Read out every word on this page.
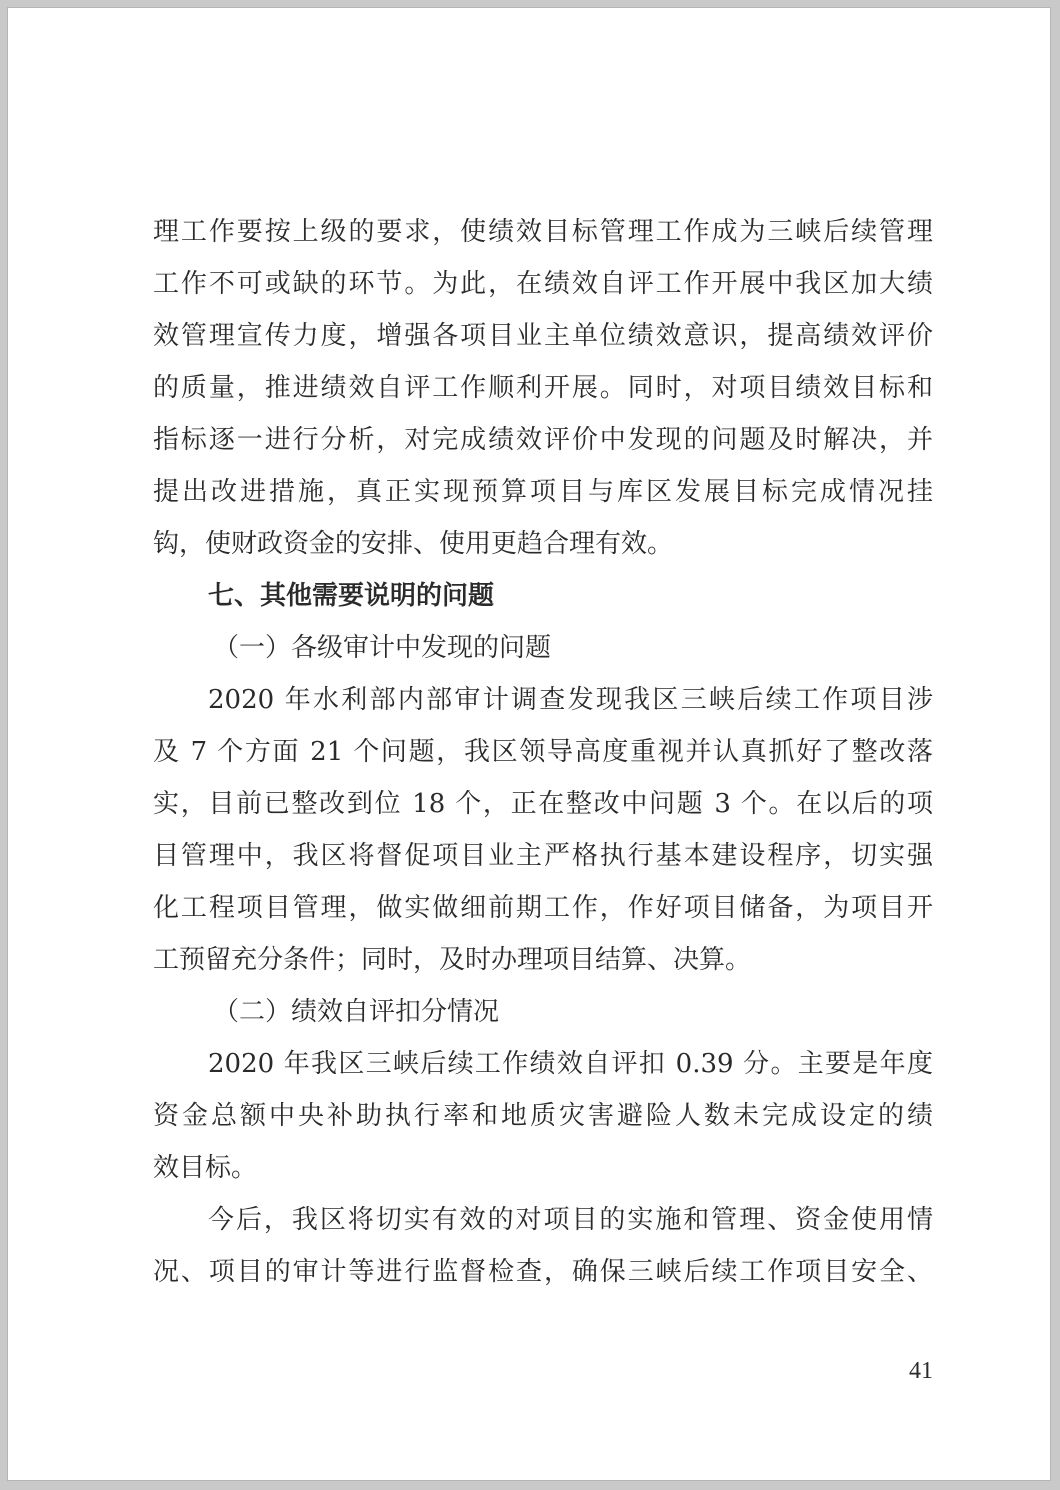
理工作要按上级的要求，使绩效目标管理工作成为三峡后续管理
工作不可或缺的环节。为此，在绩效自评工作开展中我区加大绩
效管理宣传力度，增强各项目业主单位绩效意识，提高绩效评价
的质量，推进绩效自评工作顺利开展。同时，对项目绩效目标和
指标逐一进行分析，对完成绩效评价中发现的问题及时解决，并
提出改进措施，真正实现预算项目与库区发展目标完成情况挂
钩，使财政资金的安排、使用更趋合理有效。
七、其他需要说明的问题
（一）各级审计中发现的问题
2020 年水利部内部审计调查发现我区三峡后续工作项目涉
及 7 个方面 21 个问题，我区领导高度重视并认真抓好了整改落
实，目前已整改到位 18 个，正在整改中问题 3 个。在以后的项
目管理中，我区将督促项目业主严格执行基本建设程序，切实强
化工程项目管理，做实做细前期工作，作好项目储备，为项目开
工预留充分条件；同时，及时办理项目结算、决算。
（二）绩效自评扣分情况
2020 年我区三峡后续工作绩效自评扣 0.39 分。主要是年度
资金总额中央补助执行率和地质灾害避险人数未完成设定的绩
效目标。
今后，我区将切实有效的对项目的实施和管理、资金使用情
况、项目的审计等进行监督检查，确保三峡后续工作项目安全、
41
